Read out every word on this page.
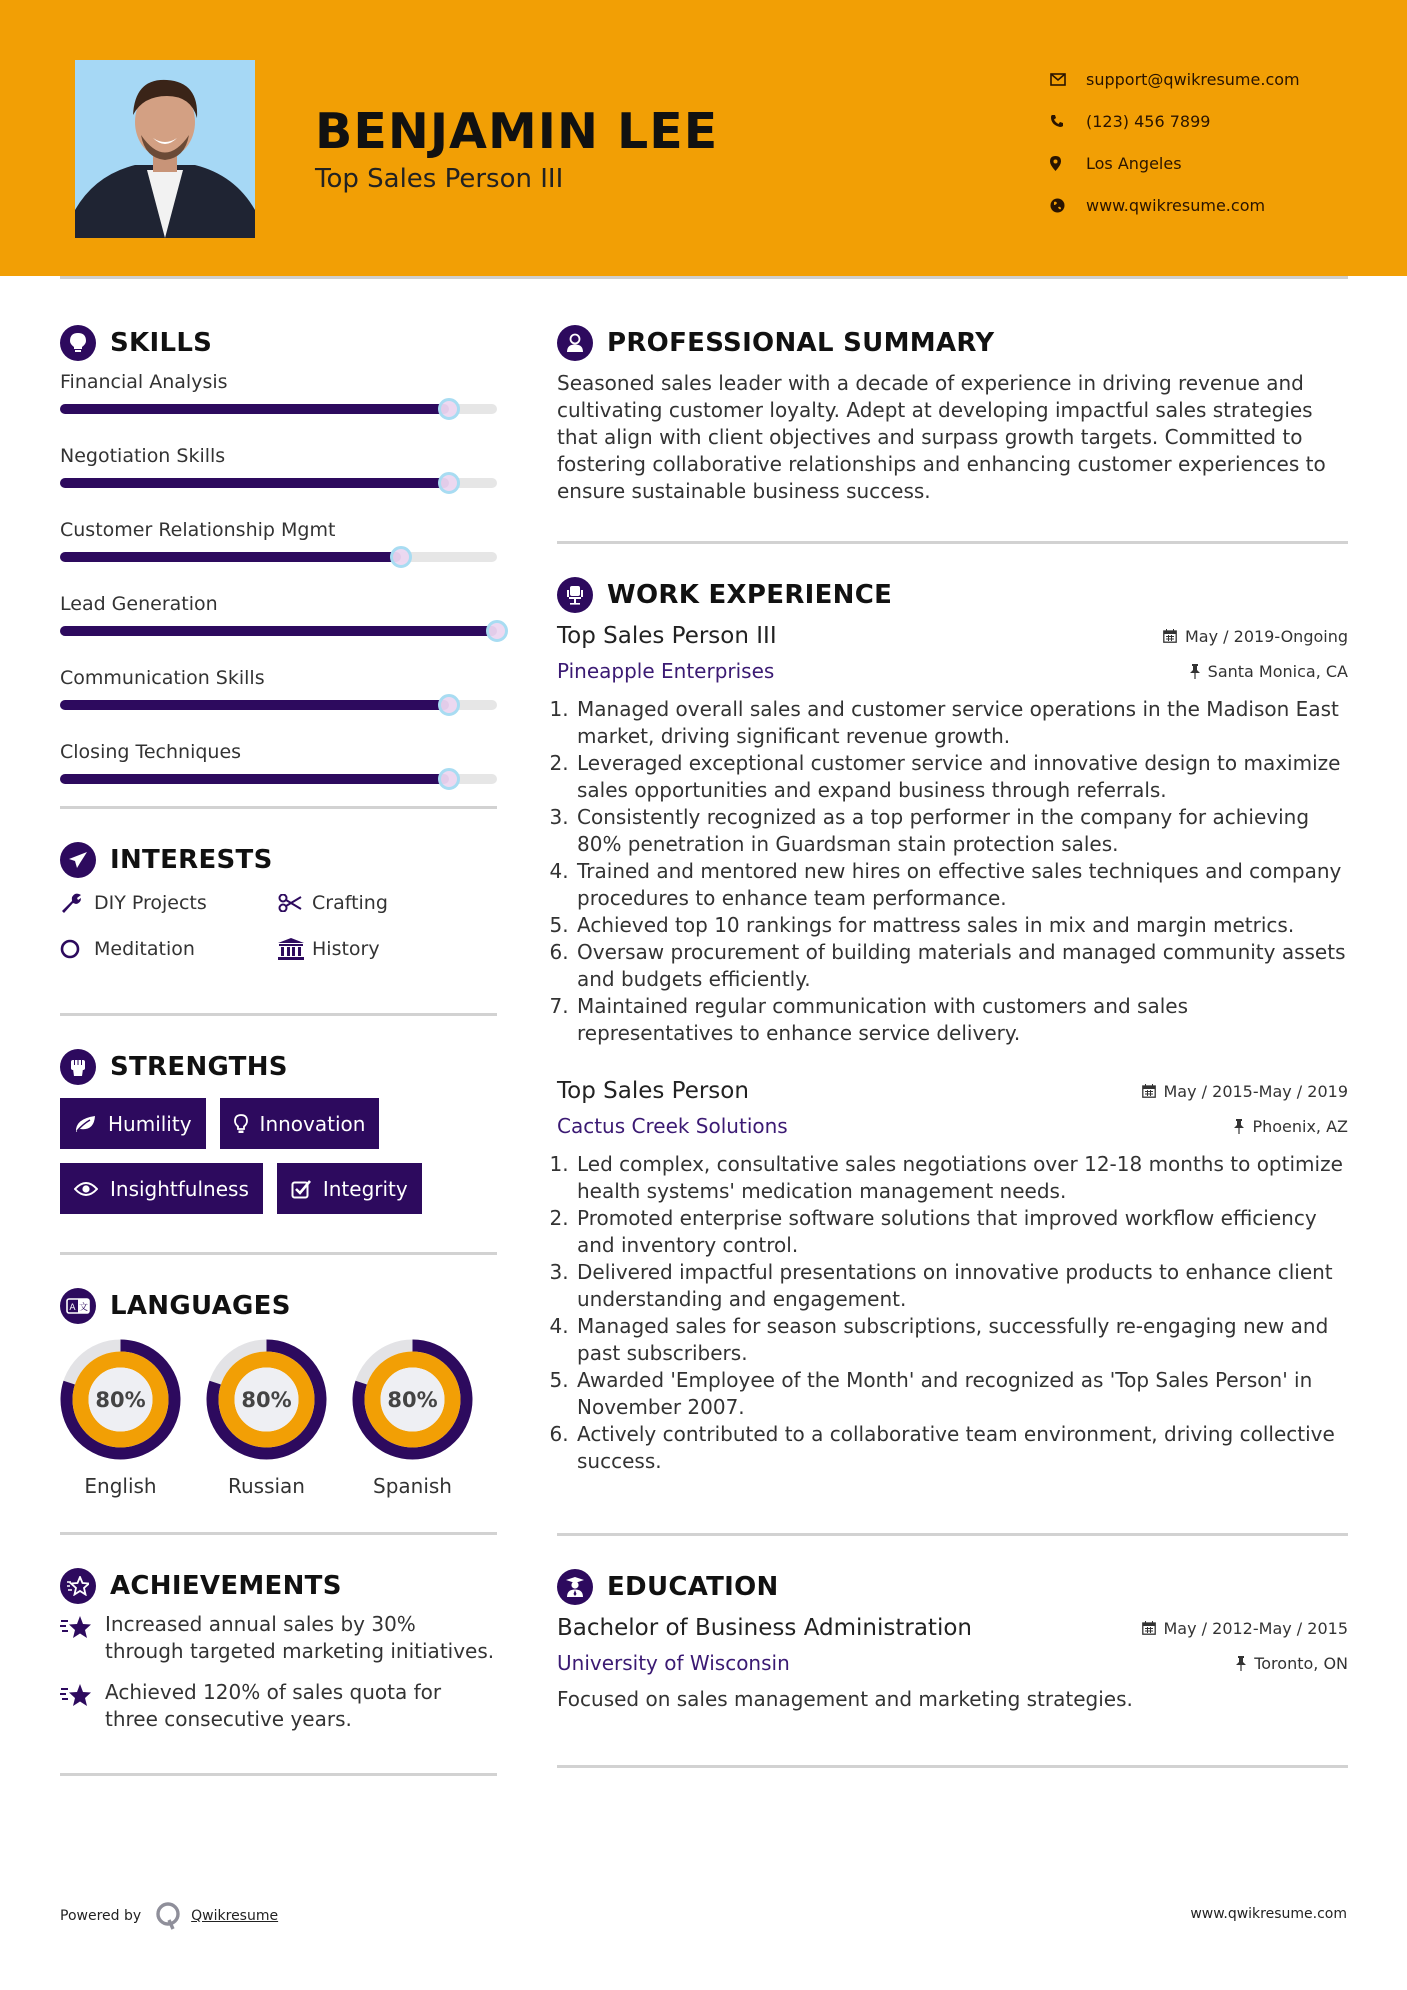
BENJAMIN LEE
Top Sales Person III
support@qwikresume.com
(123) 456 7899
Los Angeles
www.qwikresume.com
SKILLS
Financial Analysis
Negotiation Skills
Customer Relationship Mgmt
Lead Generation
Communication Skills
Closing Techniques
INTERESTS
DIY Projects	Crafting
Meditation	History
STRENGTHS
Humility	Innovation
Insightfulness	Integrity
A 文 LANGUAGES
80%
English
80%
Russian
80%
Spanish
ACHIEVEMENTS
Increased annual sales by 30% through targeted marketing initiatives.
Achieved 120% of sales quota for three consecutive years.
PROFESSIONAL SUMMARY

Seasoned sales leader with a decade of experience in driving revenue and cultivating customer loyalty. Adept at developing impactful sales strategies that align with client objectives and surpass growth targets. Committed to fostering collaborative relationships and enhancing customer experiences to ensure sustainable business success.

WORK EXPERIENCE
Top Sales Person III	May / 2019-Ongoing
Pineapple Enterprises	Santa Monica, CA
1. Managed overall sales and customer service operations in the Madison East market, driving significant revenue growth.
2. Leveraged exceptional customer service and innovative design to maximize sales opportunities and expand business through referrals.
3. Consistently recognized as a top performer in the company for achieving 80% penetration in Guardsman stain protection sales.
4. Trained and mentored new hires on effective sales techniques and company procedures to enhance team performance.
5. Achieved top 10 rankings for mattress sales in mix and margin metrics.
6. Oversaw procurement of building materials and managed community assets and budgets efficiently.
7. Maintained regular communication with customers and sales representatives to enhance service delivery.
Top Sales Person	May / 2015-May / 2019
Cactus Creek Solutions	Phoenix, AZ
1. Led complex, consultative sales negotiations over 12-18 months to optimize health systems' medication management needs.
2. Promoted enterprise software solutions that improved workflow efficiency and inventory control.
3. Delivered impactful presentations on innovative products to enhance client understanding and engagement.
4. Managed sales for season subscriptions, successfully re-engaging new and past subscribers.
5. Awarded 'Employee of the Month' and recognized as 'Top Sales Person' in November 2007.
6. Actively contributed to a collaborative team environment, driving collective success.
EDUCATION
Bachelor of Business Administration	May / 2012-May / 2015
University of Wisconsin	Toronto, ON

Focused on sales management and marketing strategies.

Powered by	Qwikresume	www.qwikresume.com
